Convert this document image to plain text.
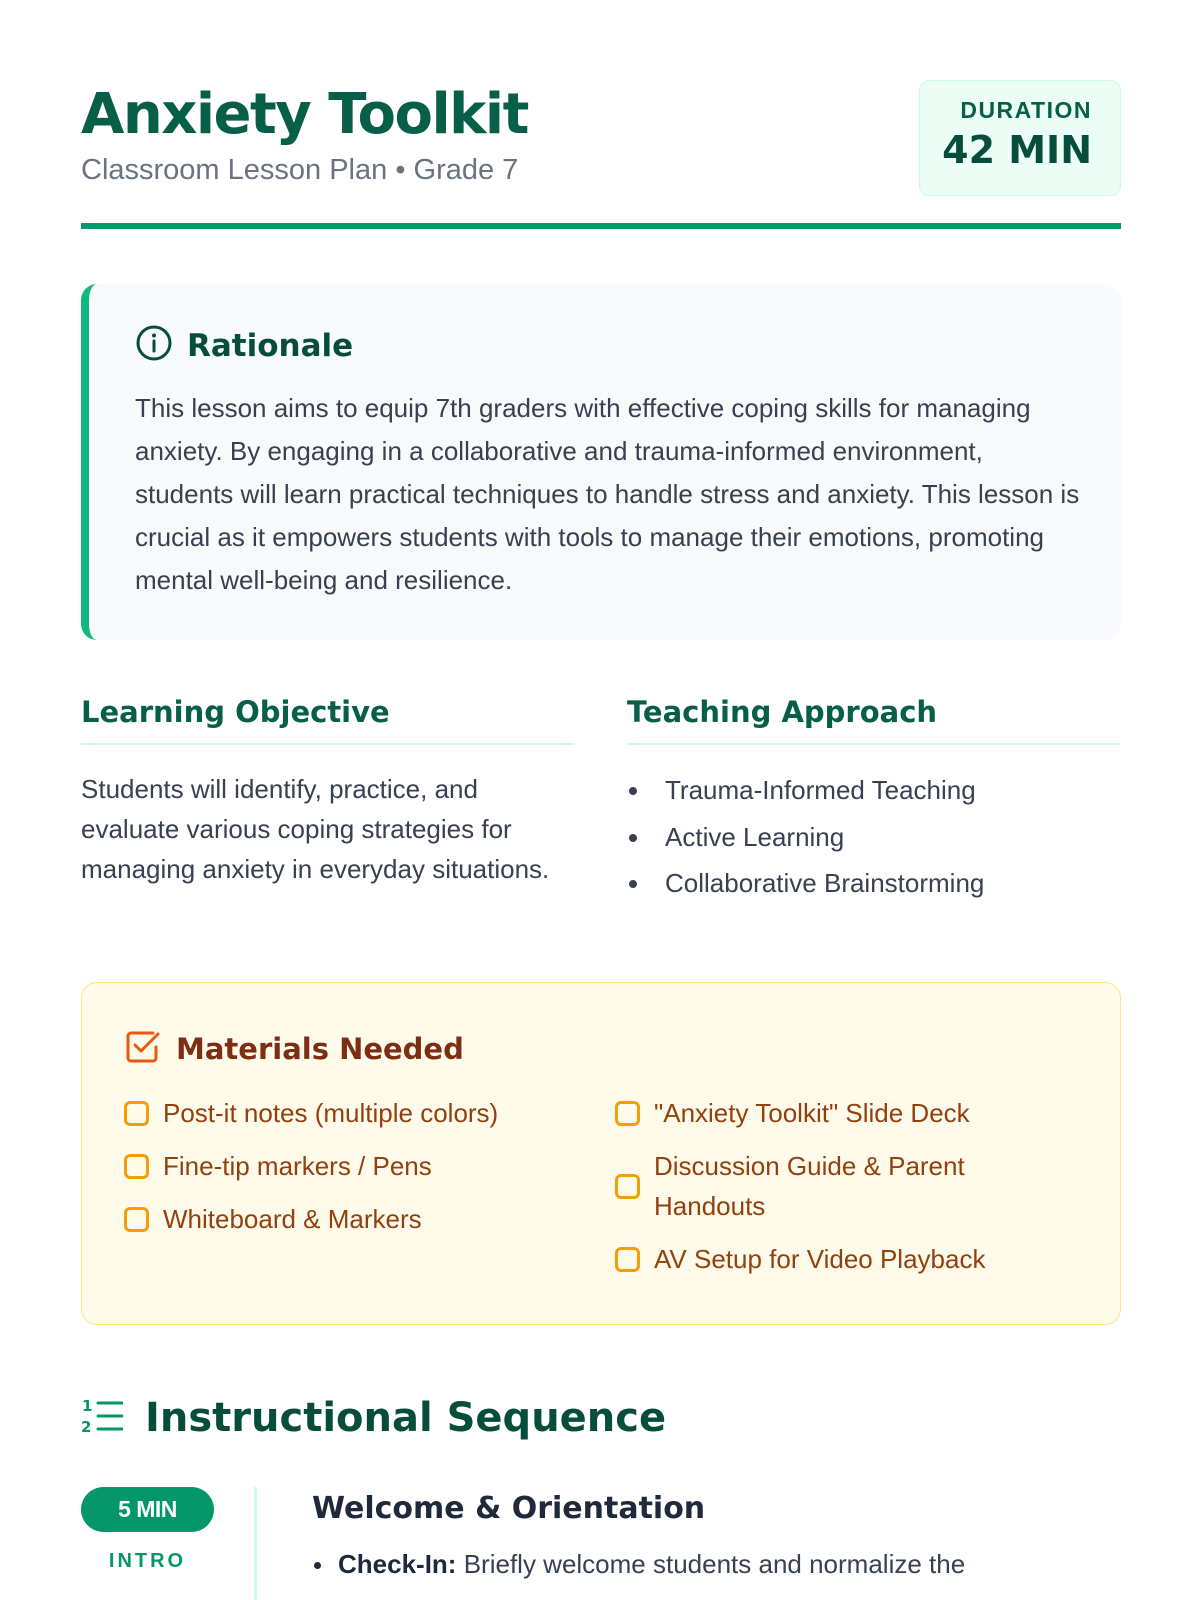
Anxiety Toolkit
Classroom Lesson Plan • Grade 7
DURATION
42 MIN
Rationale

This lesson aims to equip 7th graders with effective coping skills for managing anxiety. By engaging in a collaborative and trauma-informed environment, students will learn practical techniques to handle stress and anxiety. This lesson is crucial as it empowers students with tools to manage their emotions, promoting mental well-being and resilience.

Learning Objective

Students will identify, practice, and evaluate various coping strategies for managing anxiety in everyday situations.

Teaching Approach
Trauma-Informed Teaching
Active Learning
Collaborative Brainstorming
Materials Needed
Post-it notes (multiple colors)
Fine-tip markers / Pens
Whiteboard & Markers
"Anxiety Toolkit" Slide Deck
Discussion Guide & Parent Handouts
AV Setup for Video Playback
1
2 Instructional Sequence
5 MIN
INTRO
Welcome & Orientation
Check-In: Briefly welcome students and normalize the
